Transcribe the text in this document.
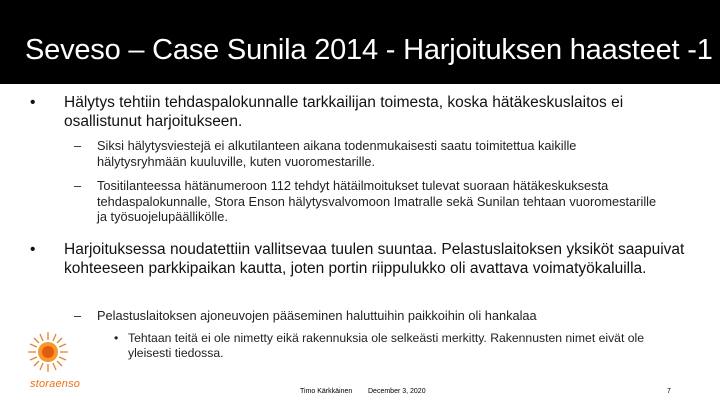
Seveso – Case Sunila 2014 - Harjoituksen haasteet -1
•	Hälytys tehtiin tehdaspalokunnalle tarkkailijan toimesta, koska hätäkeskuslaitos ei osallistunut harjoitukseen.
– Siksi hälytysviestejä ei alkutilanteen aikana todenmukaisesti saatu toimitettua kaikille hälytysryhmään kuuluville, kuten vuoromestarille.
– Tositilanteessa hätänumeroon 112 tehdyt hätäilmoitukset tulevat suoraan hätäkeskuksesta tehdaspalokunnalle, Stora Enson hälytysvalvomoon Imatralle sekä Sunilan tehtaan vuoromestarille ja työsuojelupäällikölle.
•	Harjoituksessa noudatettiin vallitsevaa tuulen suuntaa. Pelastuslaitoksen yksiköt saapuivat kohteeseen parkkipaikan kautta, joten portin riippulukko oli avattava voimatyökaluilla.
– Pelastuslaitoksen ajoneuvojen pääseminen haluttuihin paikkoihin oli hankalaa
• Tehtaan teitä ei ole nimetty eikä rakennuksia ole selkeästi merkitty. Rakennusten nimet eivät ole yleisesti tiedossa.
storaenso
Timo Kärkkäinen December 3, 2020	7
